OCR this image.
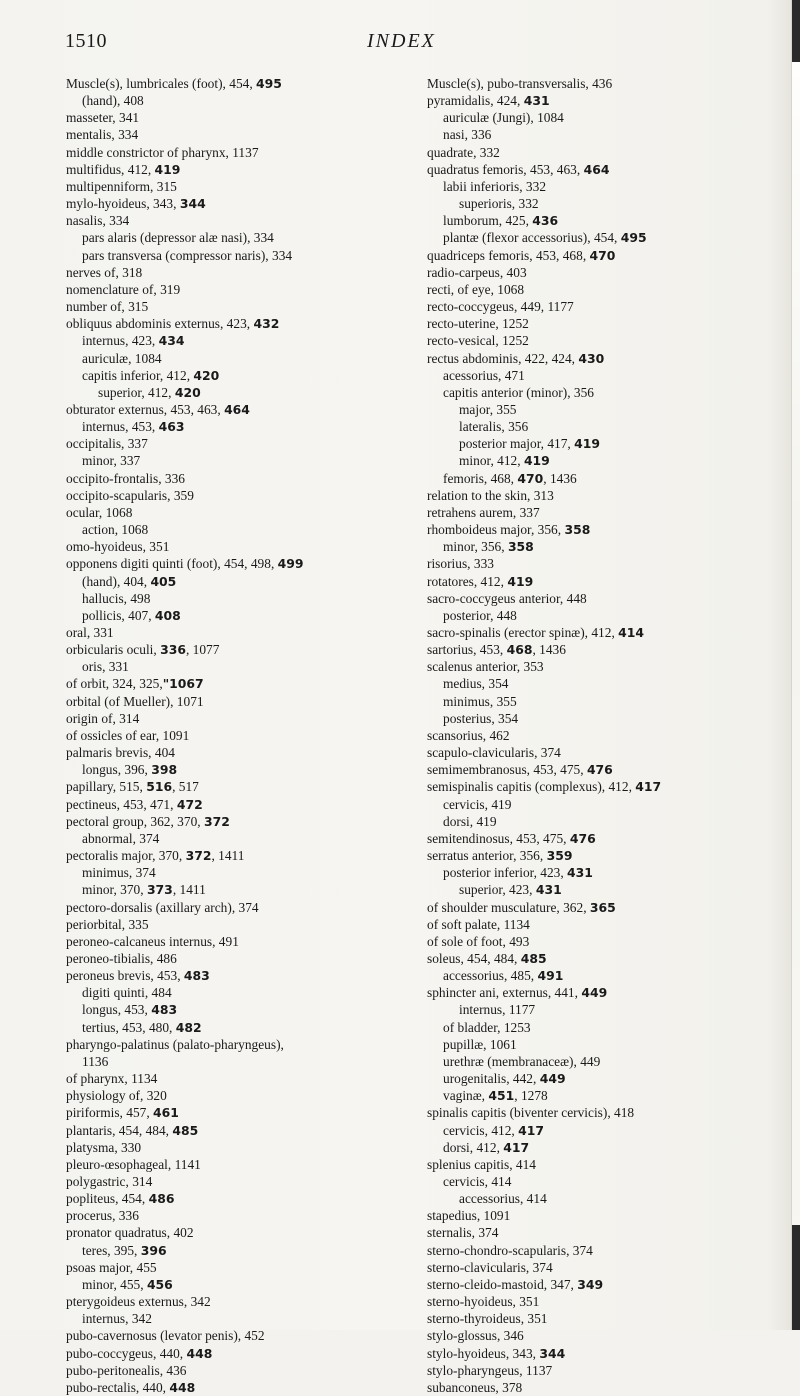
1510	INDEX
Muscle(s), lumbricales (foot), 454, 495
(hand), 408
masseter, 341
mentalis, 334
middle constrictor of pharynx, 1137
multifidus, 412, 419
multipenniform, 315
mylo-hyoideus, 343, 344
nasalis, 334
pars alaris (depressor alæ nasi), 334
pars transversa (compressor naris), 334
nerves of, 318
nomenclature of, 319
number of, 315
obliquus abdominis externus, 423, 432
internus, 423, 434
auriculæ, 1084
capitis inferior, 412, 420
superior, 412, 420
obturator externus, 453, 463, 464
internus, 453, 463
occipitalis, 337
minor, 337
occipito-frontalis, 336
occipito-scapularis, 359
ocular, 1068
action, 1068
omo-hyoideus, 351
opponens digiti quinti (foot), 454, 498, 499
(hand), 404, 405
hallucis, 498
pollicis, 407, 408
oral, 331
orbicularis oculi, 336, 1077
oris, 331
of orbit, 324, 325,"1067
orbital (of Mueller), 1071
origin of, 314
of ossicles of ear, 1091
palmaris brevis, 404
longus, 396, 398
papillary, 515, 516, 517
pectineus, 453, 471, 472
pectoral group, 362, 370, 372
abnormal, 374
pectoralis major, 370, 372, 1411
minimus, 374
minor, 370, 373, 1411
pectoro-dorsalis (axillary arch), 374
periorbital, 335
peroneo-calcaneus internus, 491
peroneo-tibialis, 486
peroneus brevis, 453, 483
digiti quinti, 484
longus, 453, 483
tertius, 453, 480, 482
pharyngo-palatinus (palato-pharyngeus),
1136
of pharynx, 1134
physiology of, 320
piriformis, 457, 461
plantaris, 454, 484, 485
platysma, 330
pleuro-œsophageal, 1141
polygastric, 314
popliteus, 454, 486
procerus, 336
pronator quadratus, 402
teres, 395, 396
psoas major, 455
minor, 455, 456
pterygoideus externus, 342
internus, 342
pubo-cavernosus (levator penis), 452
pubo-coccygeus, 440, 448
pubo-peritonealis, 436
pubo-rectalis, 440, 448
Muscle(s), pubo-transversalis, 436
pyramidalis, 424, 431
auriculæ (Jungi), 1084
nasi, 336
quadrate, 332
quadratus femoris, 453, 463, 464
labii inferioris, 332
superioris, 332
lumborum, 425, 436
plantæ (flexor accessorius), 454, 495
quadriceps femoris, 453, 468, 470
radio-carpeus, 403
recti, of eye, 1068
recto-coccygeus, 449, 1177
recto-uterine, 1252
recto-vesical, 1252
rectus abdominis, 422, 424, 430
acessorius, 471
capitis anterior (minor), 356
major, 355
lateralis, 356
posterior major, 417, 419
minor, 412, 419
femoris, 468, 470, 1436
relation to the skin, 313
retrahens aurem, 337
rhomboideus major, 356, 358
minor, 356, 358
risorius, 333
rotatores, 412, 419
sacro-coccygeus anterior, 448
posterior, 448
sacro-spinalis (erector spinæ), 412, 414
sartorius, 453, 468, 1436
scalenus anterior, 353
medius, 354
minimus, 355
posterius, 354
scansorius, 462
scapulo-clavicularis, 374
semimembranosus, 453, 475, 476
semispinalis capitis (complexus), 412, 417
cervicis, 419
dorsi, 419
semitendinosus, 453, 475, 476
serratus anterior, 356, 359
posterior inferior, 423, 431
superior, 423, 431
of shoulder musculature, 362, 365
of soft palate, 1134
of sole of foot, 493
soleus, 454, 484, 485
accessorius, 485, 491
sphincter ani, externus, 441, 449
internus, 1177
of bladder, 1253
pupillæ, 1061
urethræ (membranaceæ), 449
urogenitalis, 442, 449
vaginæ, 451, 1278
spinalis capitis (biventer cervicis), 418
cervicis, 412, 417
dorsi, 412, 417
splenius capitis, 414
cervicis, 414
accessorius, 414
stapedius, 1091
sternalis, 374
sterno-chondro-scapularis, 374
sterno-clavicularis, 374
sterno-cleido-mastoid, 347, 349
sterno-hyoideus, 351
sterno-thyroideus, 351
stylo-glossus, 346
stylo-hyoideus, 343, 344
stylo-pharyngeus, 1137
subanconeus, 378
